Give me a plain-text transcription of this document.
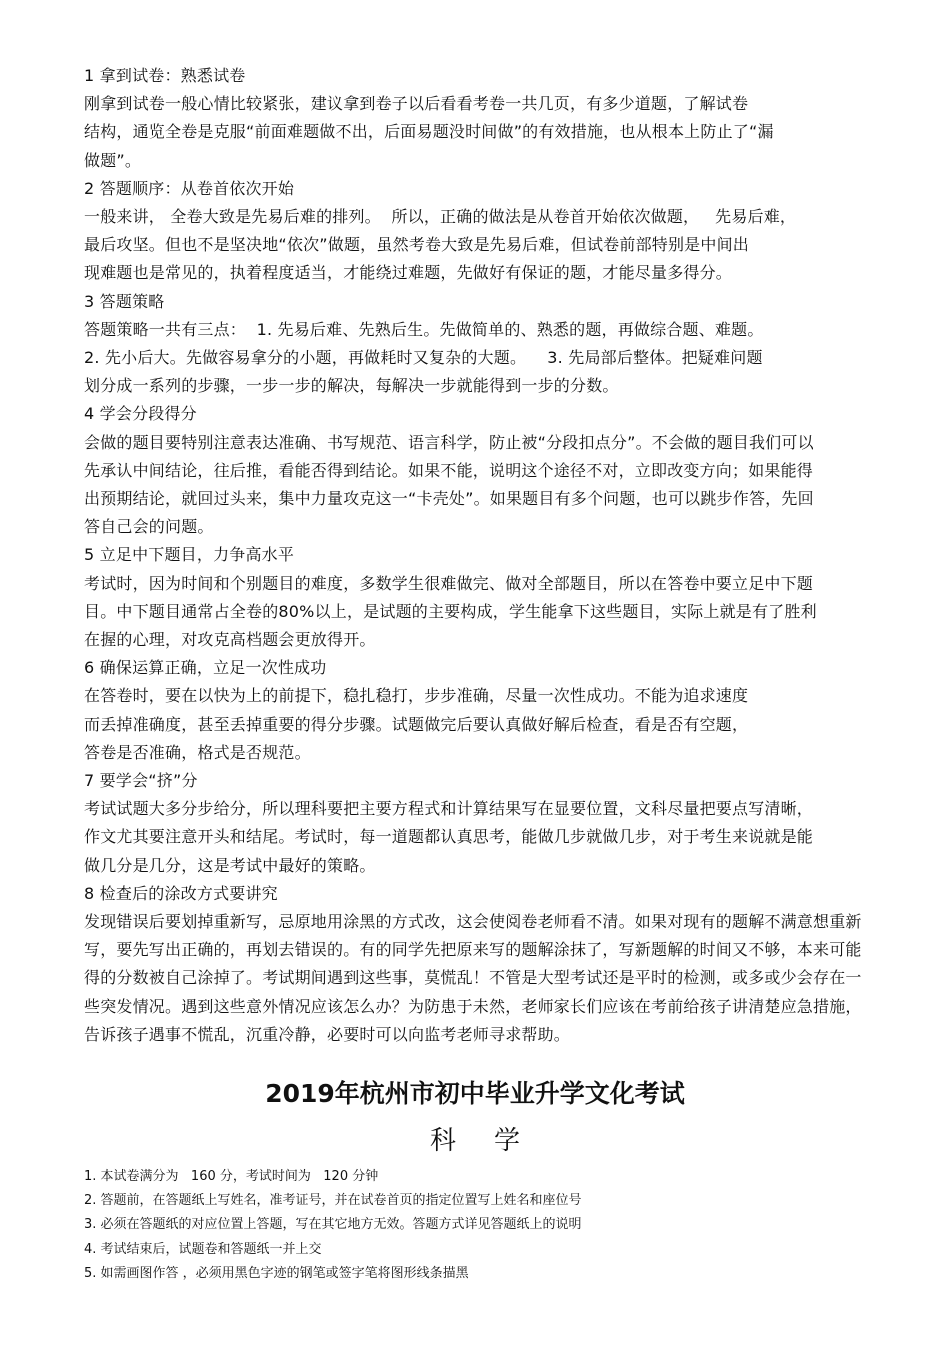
1 拿到试卷：熟悉试卷
刚拿到试卷一般心情比较紧张，建议拿到卷子以后看看考卷一共几页，有多少道题，了解试卷
结构，通览全卷是克服“前面难题做不出，后面易题没时间做”的有效措施，也从根本上防止了“漏
做题”。
2 答题顺序：从卷首依次开始
一般来讲， 全卷大致是先易后难的排列。  所以，正确的做法是从卷首开始依次做题，   先易后难，
最后攻坚。但也不是坚决地“依次”做题，虽然考卷大致是先易后难，但试卷前部特别是中间出
现难题也是常见的，执着程度适当，才能绕过难题，先做好有保证的题，才能尽量多得分。
3 答题策略
答题策略一共有三点：  1. 先易后难、先熟后生。先做简单的、熟悉的题，再做综合题、难题。
2. 先小后大。先做容易拿分的小题，再做耗时又复杂的大题。    3. 先局部后整体。把疑难问题
划分成一系列的步骤，一步一步的解决，每解决一步就能得到一步的分数。
4 学会分段得分
会做的题目要特别注意表达准确、书写规范、语言科学，防止被“分段扣点分”。不会做的题目我们可以
先承认中间结论，往后推，看能否得到结论。如果不能，说明这个途径不对，立即改变方向；如果能得
出预期结论，就回过头来，集中力量攻克这一“卡壳处”。如果题目有多个问题，也可以跳步作答，先回
答自己会的问题。
5 立足中下题目，力争高水平
考试时，因为时间和个别题目的难度，多数学生很难做完、做对全部题目，所以在答卷中要立足中下题
目。中下题目通常占全卷的80%以上，是试题的主要构成，学生能拿下这些题目，实际上就是有了胜利
在握的心理，对攻克高档题会更放得开。
6 确保运算正确，立足一次性成功
在答卷时，要在以快为上的前提下，稳扎稳打，步步准确，尽量一次性成功。不能为追求速度
而丢掉准确度，甚至丢掉重要的得分步骤。试题做完后要认真做好解后检查，看是否有空题，
答卷是否准确，格式是否规范。
7 要学会“挤”分
考试试题大多分步给分，所以理科要把主要方程式和计算结果写在显要位置，文科尽量把要点写清晰，
作文尤其要注意开头和结尾。考试时，每一道题都认真思考，能做几步就做几步，对于考生来说就是能
做几分是几分，这是考试中最好的策略。
8 检查后的涂改方式要讲究
发现错误后要划掉重新写，忌原地用涂黑的方式改，这会使阅卷老师看不清。如果对现有的题解不满意想重新
写，要先写出正确的，再划去错误的。有的同学先把原来写的题解涂抹了，写新题解的时间又不够，本来可能
得的分数被自己涂掉了。考试期间遇到这些事，莫慌乱！不管是大型考试还是平时的检测，或多或少会存在一
些突发情况。遇到这些意外情况应该怎么办？为防患于未然，老师家长们应该在考前给孩子讲清楚应急措施，
告诉孩子遇事不慌乱，沉重冷静，必要时可以向监考老师寻求帮助。
2019年杭州市初中毕业升学文化考试
科学
1. 本试卷满分为   160 分，考试时间为   120 分钟
2. 答题前，在答题纸上写姓名，准考证号，并在试卷首页的指定位置写上姓名和座位号
3. 必须在答题纸的对应位置上答题，写在其它地方无效。答题方式详见答题纸上的说明
4. 考试结束后，试题卷和答题纸一并上交
5. 如需画图作答 ，必须用黑色字迹的钢笔或签字笔将图形线条描黑
